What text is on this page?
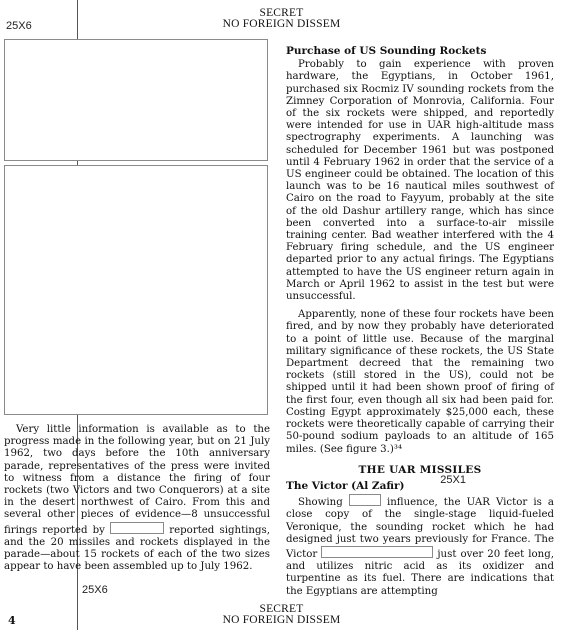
SECRET
NO FOREIGN DISSEM
25X6

Very little information is available as to the progress made in the following year, but on 21 July 1962, two days before the 10th anniversary parade, representatives of the press were invited to witness from a distance the firing of four rockets (two Victors and two Conquerors) at a site in the desert northwest of Cairo. From this and several other pieces of evidence—8 unsuccessful firings reported by	reported sightings, and the 20 missiles and rockets displayed in the parade—about 15 rockets of each of the two sizes appear to have been assembled up to July 1962.

25X6
Purchase of US Sounding Rockets

Probably to gain experience with proven hardware, the Egyptians, in October 1961, purchased six Rocmiz IV sounding rockets from the Zimney Corporation of Monrovia, California. Four of the six rockets were shipped, and reportedly were intended for use in UAR high-altitude mass spectrography experiments. A launching was scheduled for December 1961 but was postponed until 4 February 1962 in order that the service of a US engineer could be obtained. The location of this launch was to be 16 nautical miles southwest of Cairo on the road to Fayyum, probably at the site of the old Dashur artillery range, which has since been converted into a surface-to-air missile training center. Bad weather interfered with the 4 February firing schedule, and the US engineer departed prior to any actual firings. The Egyptians attempted to have the US engineer return again in March or April 1962 to assist in the test but were unsuccessful.

Apparently, none of these four rockets have been fired, and by now they probably have deteriorated to a point of little use. Because of the marginal military significance of these rockets, the US State Department decreed that the remaining two rockets (still stored in the US), could not be shipped until it had been shown proof of firing of the first four, even though all six had been paid for. Costing Egypt approximately $25,000 each, these rockets were theoretically capable of carrying their 50-pound sodium payloads to an altitude of 165 miles. (See figure 3.)³⁴

THE UAR MISSILES
25X1
The Victor (Al Zafir)

Showing	influence, the UAR Victor is a close copy of the single-stage liquid-fueled Veronique, the sounding rocket which he had designed just two years previously for France. The Victor	just over 20 feet long, and utilizes nitric acid as its oxidizer and turpentine as its fuel. There are indications that the Egyptians are attempting

4
SECRET
NO FOREIGN DISSEM
